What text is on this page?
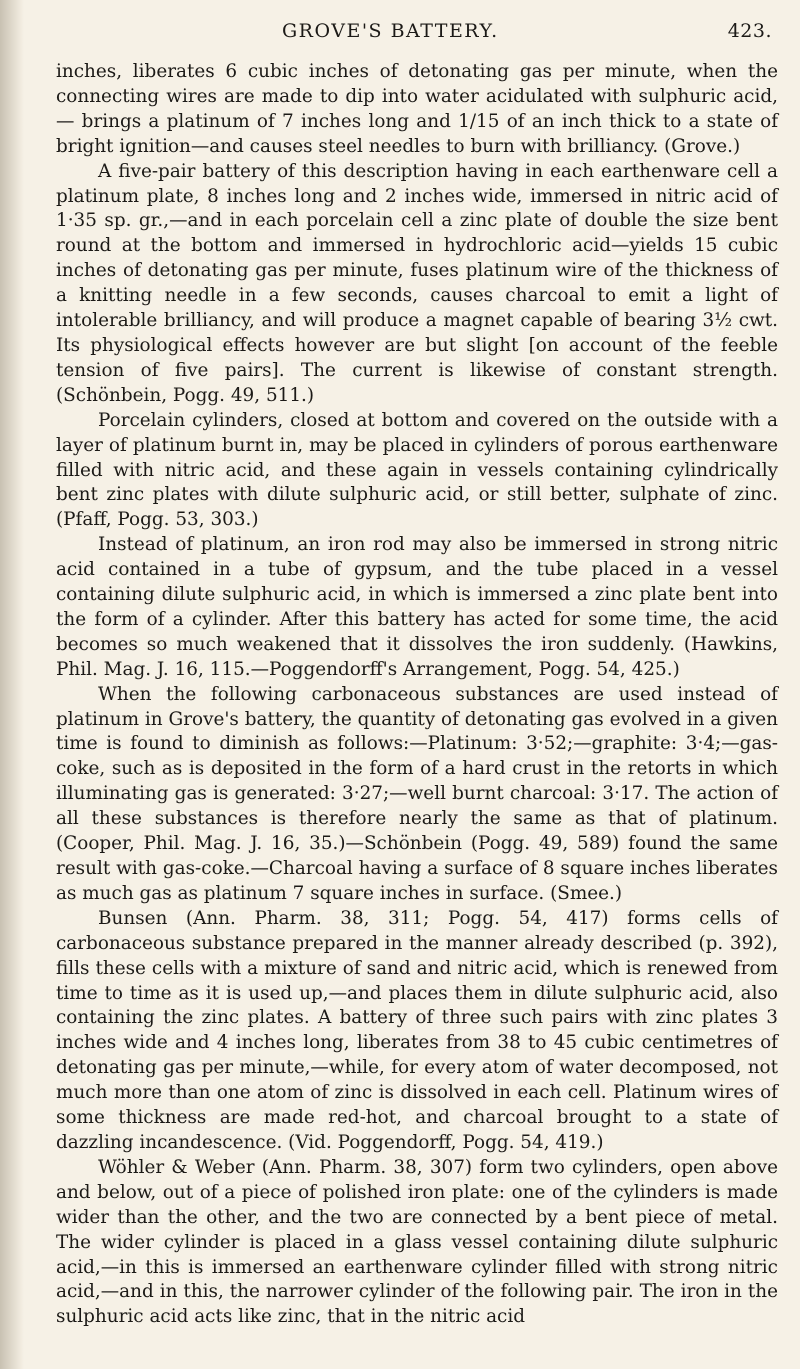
GROVE'S BATTERY.	423.

inches, liberates 6 cubic inches of detonating gas per minute, when the connecting wires are made to dip into water acidulated with sulphuric acid,— brings a platinum of 7 inches long and 1/15 of an inch thick to a state of bright ignition—and causes steel needles to burn with brilliancy. (Grove.)

A five-pair battery of this description having in each earthenware cell a platinum plate, 8 inches long and 2 inches wide, immersed in nitric acid of 1·35 sp. gr.,—and in each porcelain cell a zinc plate of double the size bent round at the bottom and immersed in hydrochloric acid—yields 15 cubic inches of detonating gas per minute, fuses platinum wire of the thickness of a knitting needle in a few seconds, causes charcoal to emit a light of intolerable brilliancy, and will produce a magnet capable of bearing 3½ cwt. Its physiological effects however are but slight [on account of the feeble tension of five pairs]. The current is likewise of constant strength. (Schönbein, Pogg. 49, 511.)

Porcelain cylinders, closed at bottom and covered on the outside with a layer of platinum burnt in, may be placed in cylinders of porous earthenware filled with nitric acid, and these again in vessels containing cylindrically bent zinc plates with dilute sulphuric acid, or still better, sulphate of zinc. (Pfaff, Pogg. 53, 303.)

Instead of platinum, an iron rod may also be immersed in strong nitric acid contained in a tube of gypsum, and the tube placed in a vessel containing dilute sulphuric acid, in which is immersed a zinc plate bent into the form of a cylinder. After this battery has acted for some time, the acid becomes so much weakened that it dissolves the iron suddenly. (Hawkins, Phil. Mag. J. 16, 115.—Poggendorff's Arrangement, Pogg. 54, 425.)

When the following carbonaceous substances are used instead of platinum in Grove's battery, the quantity of detonating gas evolved in a given time is found to diminish as follows:—Platinum: 3·52;—graphite: 3·4;—gas-coke, such as is deposited in the form of a hard crust in the retorts in which illuminating gas is generated: 3·27;—well burnt charcoal: 3·17. The action of all these substances is therefore nearly the same as that of platinum. (Cooper, Phil. Mag. J. 16, 35.)—Schönbein (Pogg. 49, 589) found the same result with gas-coke.—Charcoal having a surface of 8 square inches liberates as much gas as platinum 7 square inches in surface. (Smee.)

Bunsen (Ann. Pharm. 38, 311; Pogg. 54, 417) forms cells of carbonaceous substance prepared in the manner already described (p. 392), fills these cells with a mixture of sand and nitric acid, which is renewed from time to time as it is used up,—and places them in dilute sulphuric acid, also containing the zinc plates. A battery of three such pairs with zinc plates 3 inches wide and 4 inches long, liberates from 38 to 45 cubic centimetres of detonating gas per minute,—while, for every atom of water decomposed, not much more than one atom of zinc is dissolved in each cell. Platinum wires of some thickness are made red-hot, and charcoal brought to a state of dazzling incandescence. (Vid. Poggendorff, Pogg. 54, 419.)

Wöhler & Weber (Ann. Pharm. 38, 307) form two cylinders, open above and below, out of a piece of polished iron plate: one of the cylinders is made wider than the other, and the two are connected by a bent piece of metal. The wider cylinder is placed in a glass vessel containing dilute sulphuric acid,—in this is immersed an earthenware cylinder filled with strong nitric acid,—and in this, the narrower cylinder of the following pair. The iron in the sulphuric acid acts like zinc, that in the nitric acid
